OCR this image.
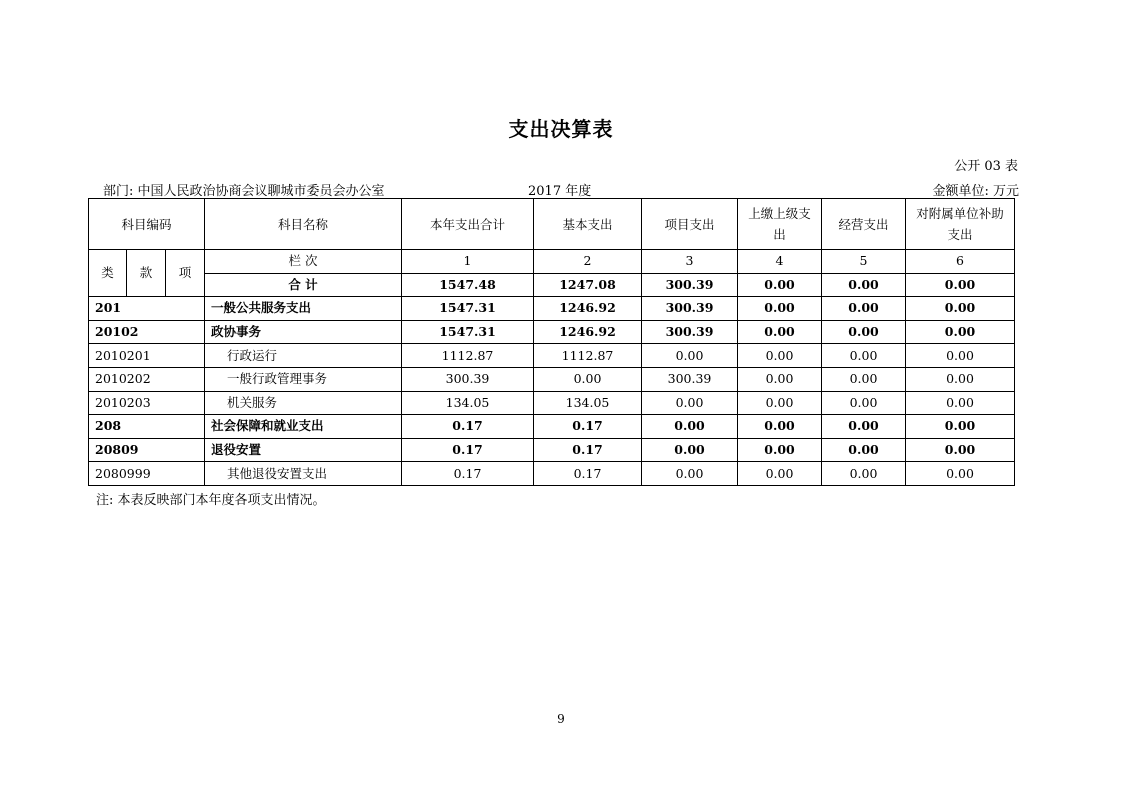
支出决算表
公开 03 表
部门: 中国人民政治协商会议聊城市委员会办公室	2017 年度	金额单位: 万元
科目编码			科目名称	本年支出合计	基本支出	项目支出	上缴上级支出	经营支出	对附属单位补助支出
类	款	项	栏 次	1	2	3	4	5	6
			合 计	1547.48	1247.08	300.39	0.00	0.00	0.00
201			一般公共服务支出	1547.31	1246.92	300.39	0.00	0.00	0.00
20102			政协事务	1547.31	1246.92	300.39	0.00	0.00	0.00
2010201			行政运行	1112.87	1112.87	0.00	0.00	0.00	0.00
2010202			一般行政管理事务	300.39	0.00	300.39	0.00	0.00	0.00
2010203			机关服务	134.05	134.05	0.00	0.00	0.00	0.00
208			社会保障和就业支出	0.17	0.17	0.00	0.00	0.00	0.00
20809			退役安置	0.17	0.17	0.00	0.00	0.00	0.00
2080999			其他退役安置支出	0.17	0.17	0.00	0.00	0.00	0.00
注: 本表反映部门本年度各项支出情况。
9
